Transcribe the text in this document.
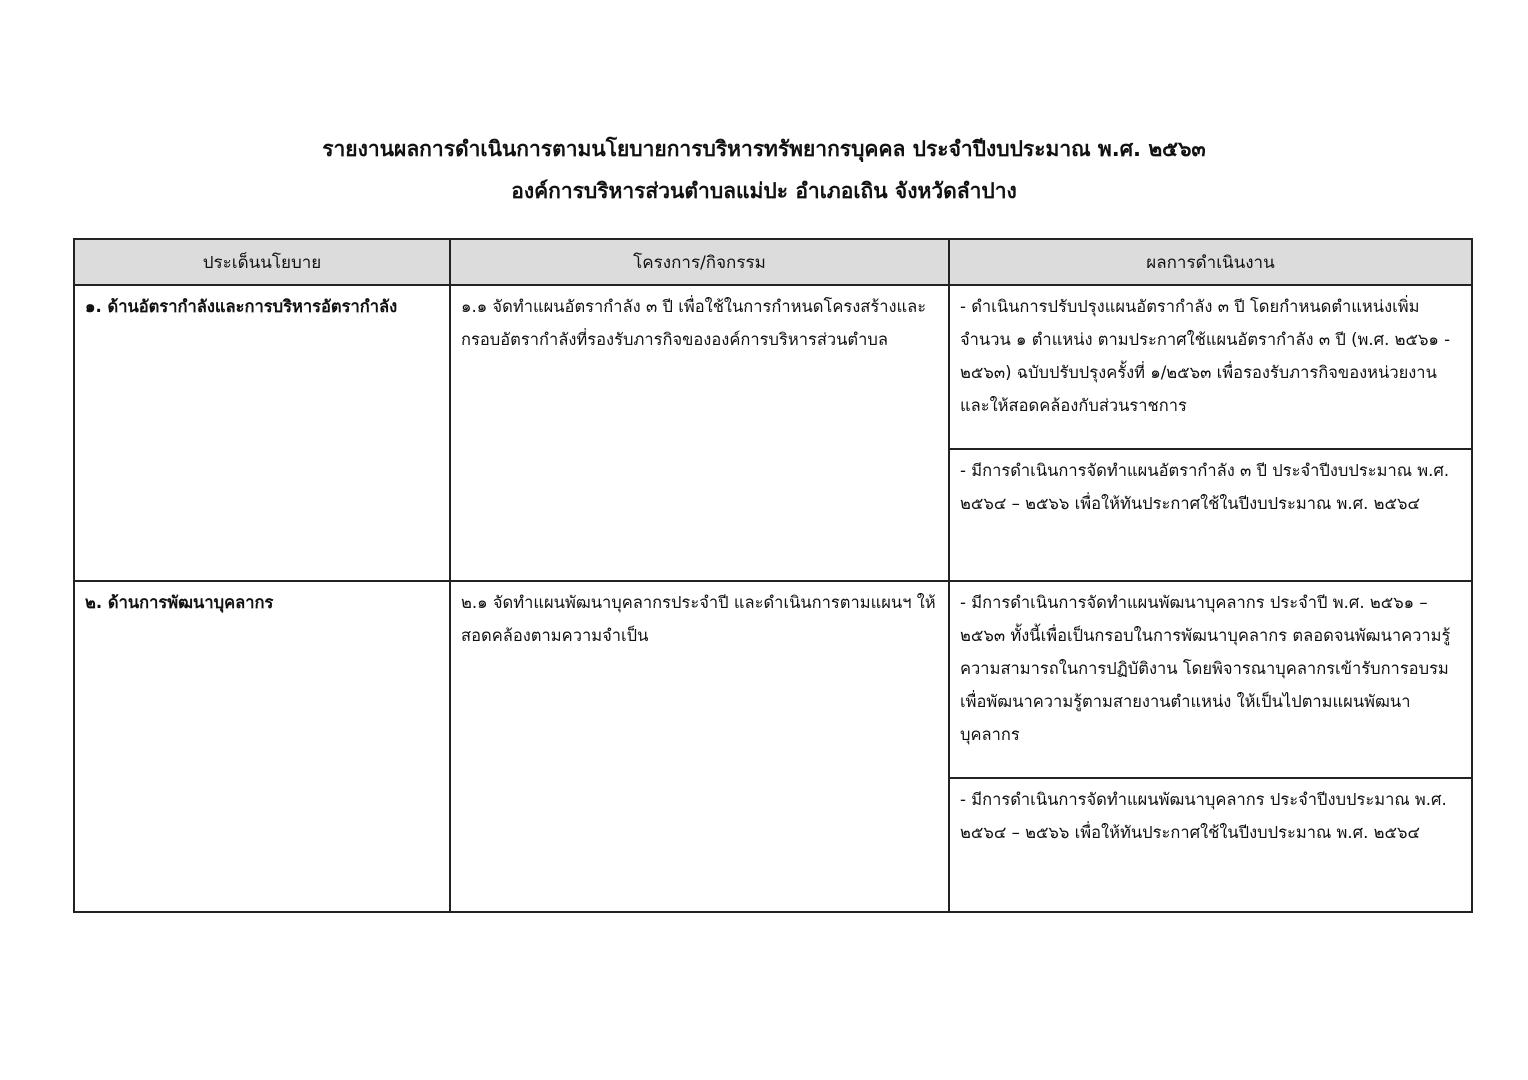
รายงานผลการดำเนินการตามนโยบายการบริหารทรัพยากรบุคคล ประจำปีงบประมาณ พ.ศ. ๒๕๖๓

องค์การบริหารส่วนตำบลแม่ปะ อำเภอเถิน จังหวัดลำปาง

ประเด็นนโยบาย	โครงการ/กิจกรรม	ผลการดำเนินงาน
๑. ด้านอัตรากำลังและการบริหารอัตรากำลัง	๑.๑ จัดทำแผนอัตรากำลัง ๓ ปี เพื่อใช้ในการกำหนดโครงสร้างและกรอบอัตรากำลังที่รองรับภารกิจขององค์การบริหารส่วนตำบล	- ดำเนินการปรับปรุงแผนอัตรากำลัง ๓ ปี โดยกำหนดตำแหน่งเพิ่ม จำนวน ๑ ตำแหน่ง ตามประกาศใช้แผนอัตรากำลัง ๓ ปี (พ.ศ. ๒๕๖๑ - ๒๕๖๓) ฉบับปรับปรุงครั้งที่ ๑/๒๕๖๓ เพื่อรองรับภารกิจของหน่วยงาน และให้สอดคล้องกับส่วนราชการ
- มีการดำเนินการจัดทำแผนอัตรากำลัง ๓ ปี ประจำปีงบประมาณ พ.ศ. ๒๕๖๔ – ๒๕๖๖ เพื่อให้ทันประกาศใช้ในปีงบประมาณ พ.ศ. ๒๕๖๔

๒. ด้านการพัฒนาบุคลากร	๒.๑ จัดทำแผนพัฒนาบุคลากรประจำปี และดำเนินการตามแผนฯ ให้สอดคล้องตามความจำเป็น	- มีการดำเนินการจัดทำแผนพัฒนาบุคลากร ประจำปี พ.ศ. ๒๕๖๑ – ๒๕๖๓ ทั้งนี้เพื่อเป็นกรอบในการพัฒนาบุคลากร ตลอดจนพัฒนาความรู้ความสามารถในการปฏิบัติงาน โดยพิจารณาบุคลากรเข้ารับการอบรม เพื่อพัฒนาความรู้ตามสายงานตำแหน่ง ให้เป็นไปตามแผนพัฒนาบุคลากร
- มีการดำเนินการจัดทำแผนพัฒนาบุคลากร ประจำปีงบประมาณ พ.ศ. ๒๕๖๔ – ๒๕๖๖ เพื่อให้ทันประกาศใช้ในปีงบประมาณ พ.ศ. ๒๕๖๔
